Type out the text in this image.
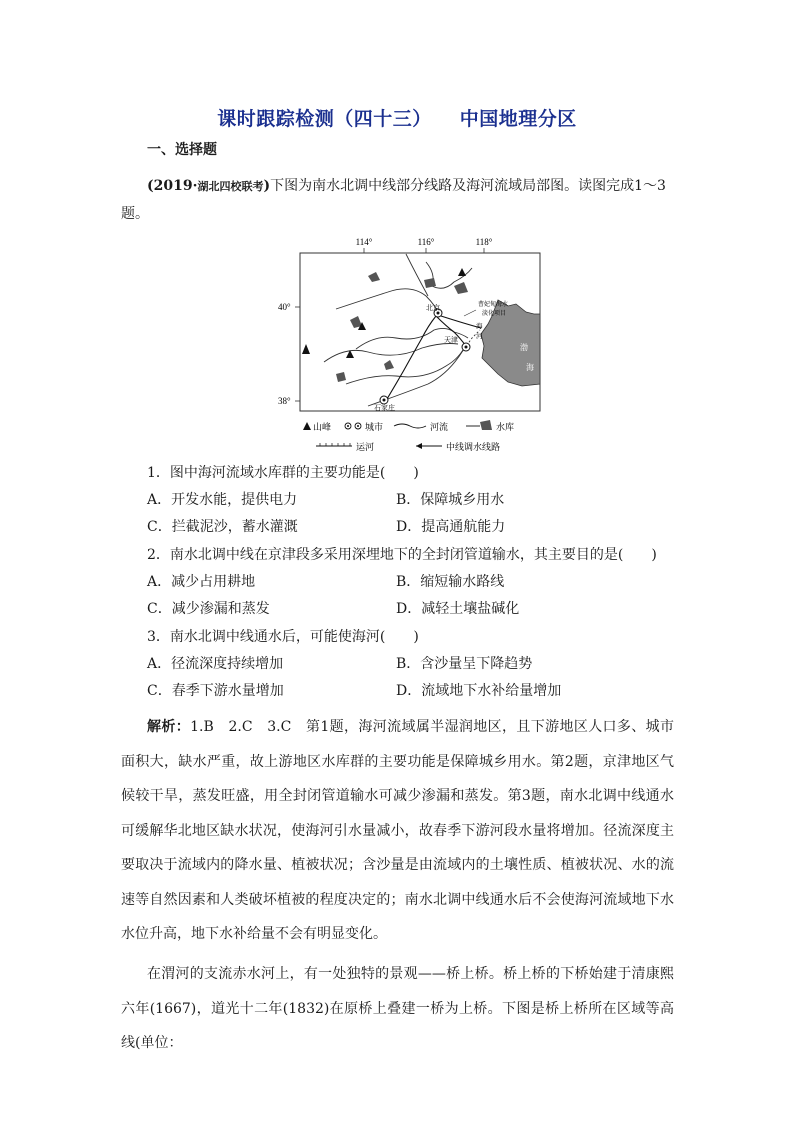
课时跟踪检测（四十三） 中国地理分区
一、选择题
(2019·湖北四校联考)下图为南水北调中线部分线路及海河流域局部图。读图完成1～3
题。
114°	116°	118°
40°
38°
渤
海
北京
天津
石家庄
海
河
曹妃甸海水
淡化项目
山峰	城市	河流	水库
运河	中线调水线路
1．图中海河流域水库群的主要功能是(　　)
A．开发水能，提供电力	B．保障城乡用水
C．拦截泥沙，蓄水灌溉	D．提高通航能力
2．南水北调中线在京津段多采用深埋地下的全封闭管道输水，其主要目的是(　　)
A．减少占用耕地	B．缩短输水路线
C．减少渗漏和蒸发	D．减轻土壤盐碱化
3．南水北调中线通水后，可能使海河(　　)
A．径流深度持续增加	B．含沙量呈下降趋势
C．春季下游水量增加	D．流域地下水补给量增加
解析：1.B　2.C　3.C　第1题，海河流域属半湿润地区，且下游地区人口多、城市面积大，缺水严重，故上游地区水库群的主要功能是保障城乡用水。第2题，京津地区气候较干旱，蒸发旺盛，用全封闭管道输水可减少渗漏和蒸发。第3题，南水北调中线通水可缓解华北地区缺水状况，使海河引水量减小，故春季下游河段水量将增加。径流深度主要取决于流域内的降水量、植被状况；含沙量是由流域内的土壤性质、植被状况、水的流速等自然因素和人类破坏植被的程度决定的；南水北调中线通水后不会使海河流域地下水水位升高，地下水补给量不会有明显变化。
在渭河的支流赤水河上，有一处独特的景观——桥上桥。桥上桥的下桥始建于清康熙六年(1667)，道光十二年(1832)在原桥上叠建一桥为上桥。下图是桥上桥所在区域等高线(单位：
